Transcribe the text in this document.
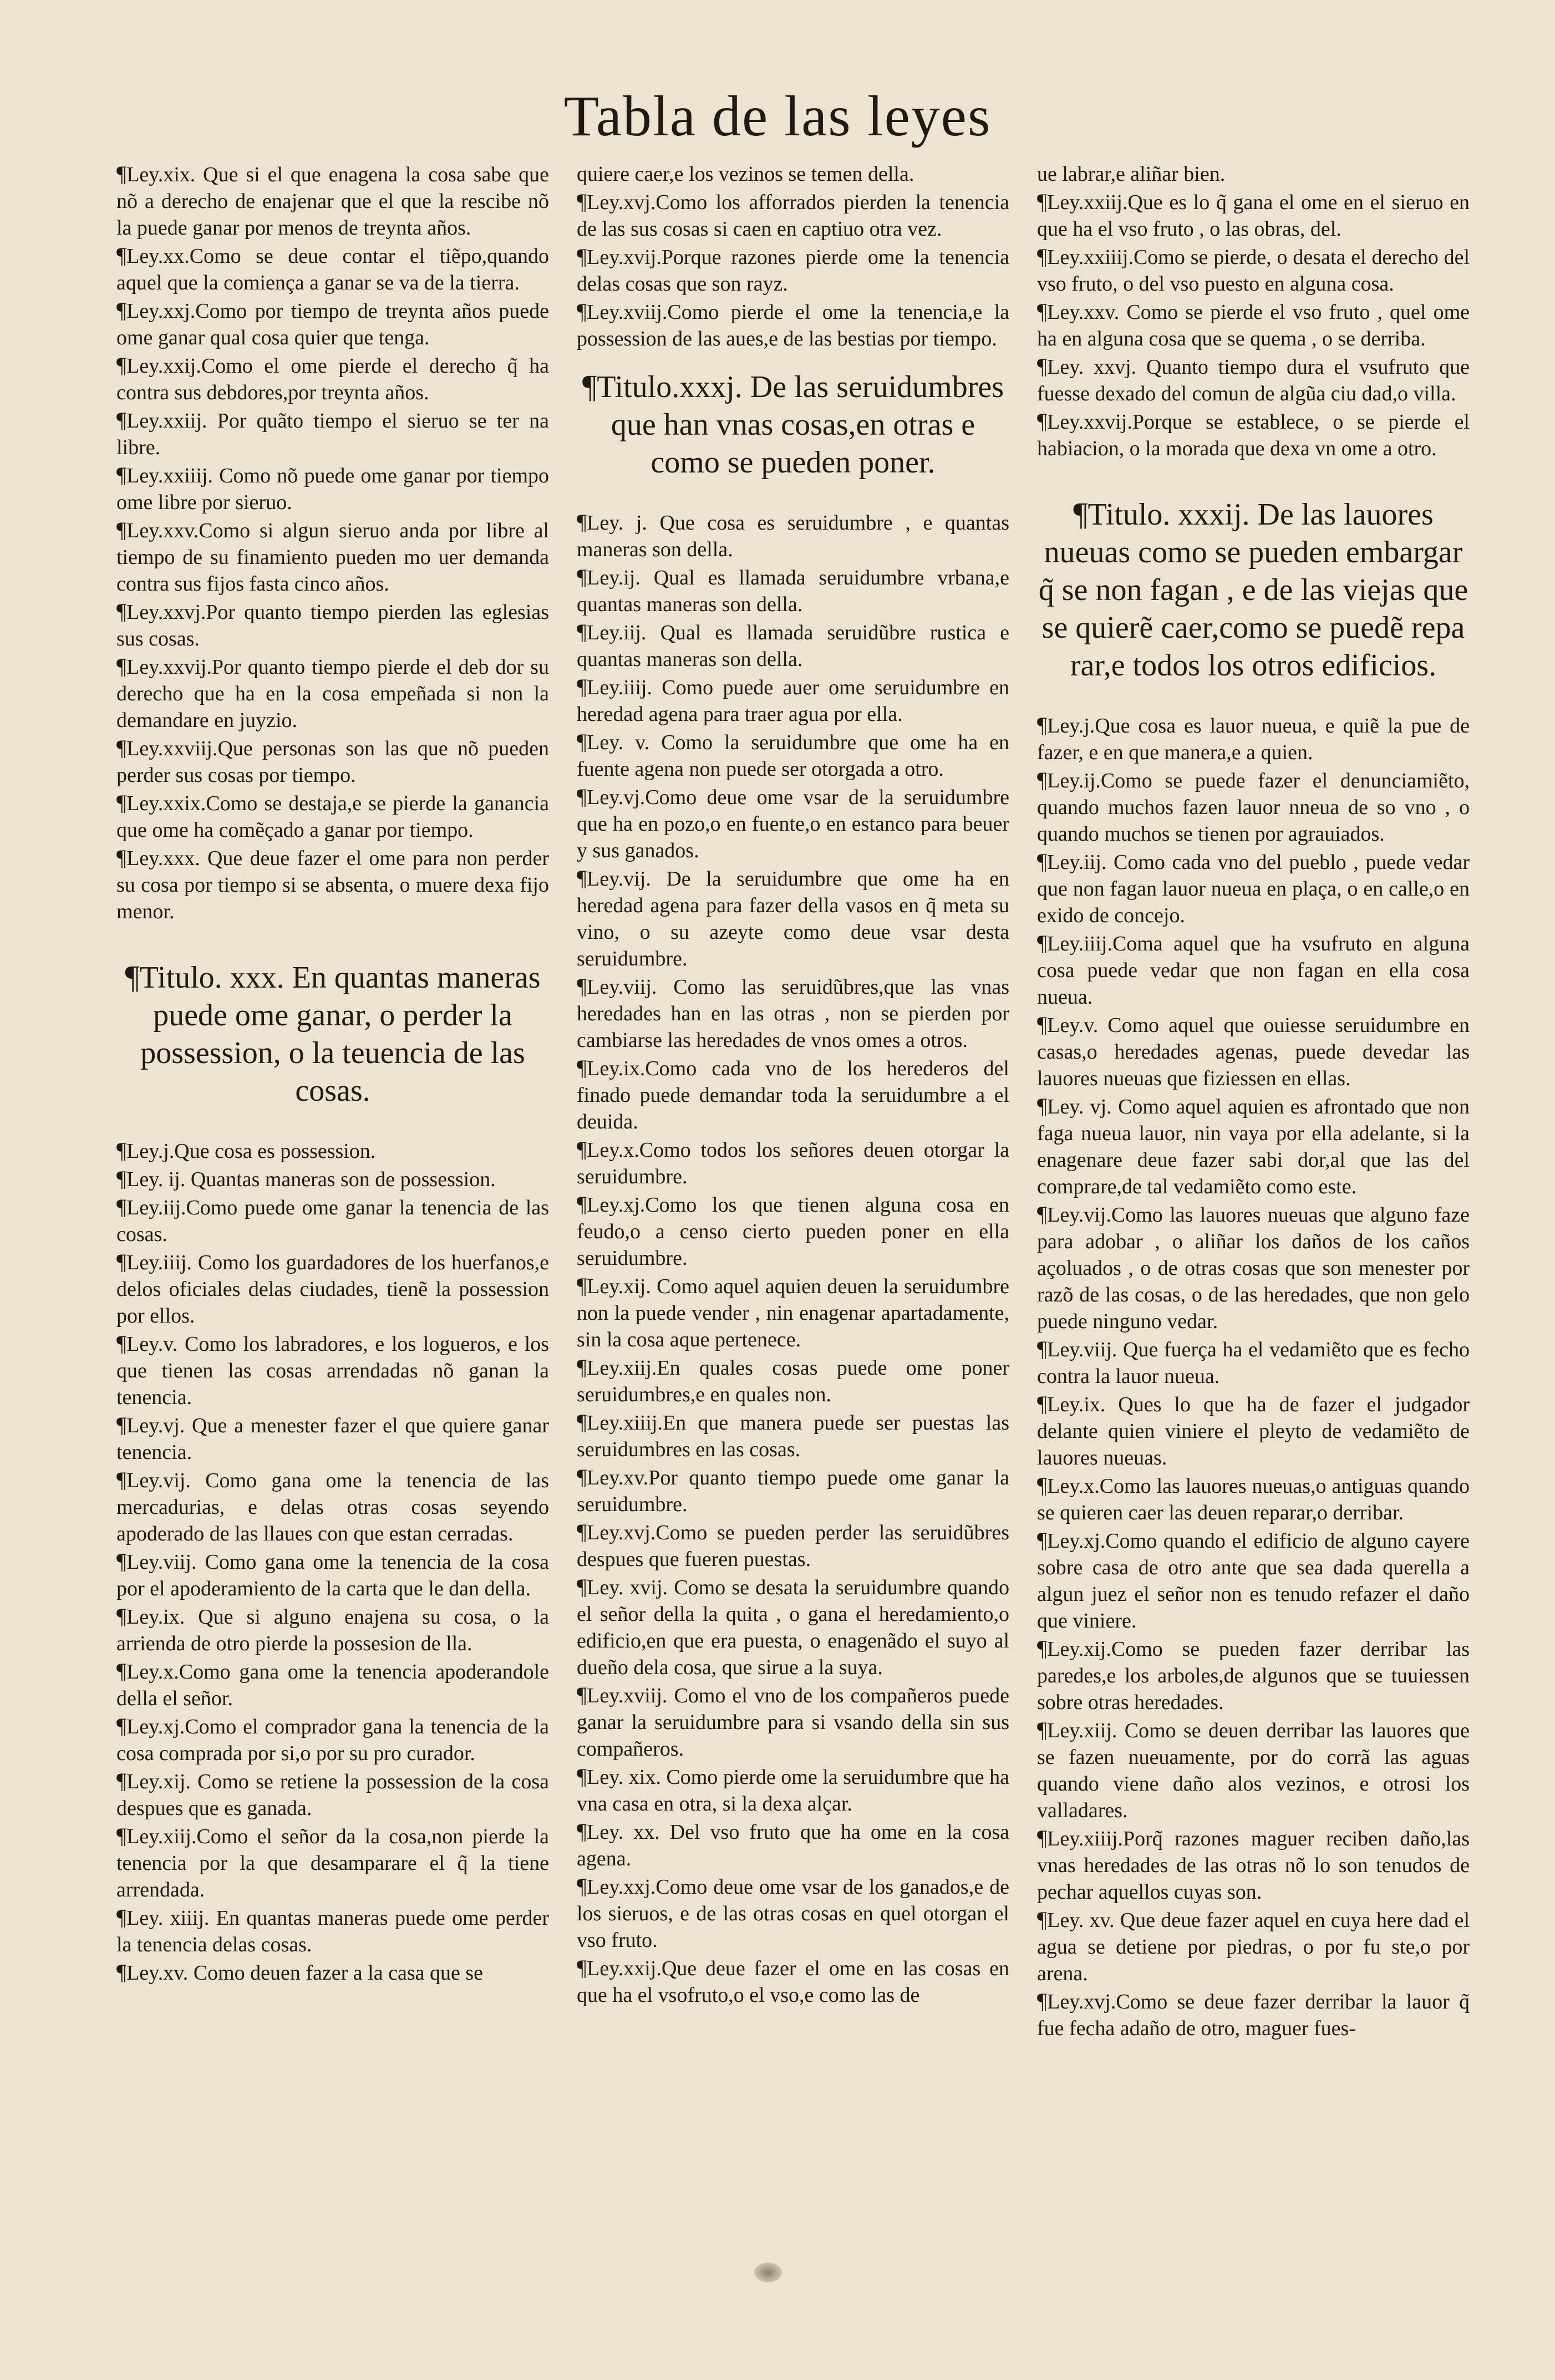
Tabla de las leyes
¶Ley.xix. Que si el que enagena la cosa sabe que nõ a derecho de enajenar que el que la rescibe nõ la puede ganar por menos de treynta años.
¶Ley.xx.Como se deue contar el tiẽpo,quando aquel que la comiença a ganar se va de la tierra.
¶Ley.xxj.Como por tiempo de treynta años puede ome ganar qual cosa quier que tenga.
¶Ley.xxij.Como el ome pierde el derecho q̃ ha contra sus debdores,por treynta años.
¶Ley.xxiij. Por quãto tiempo el sieruo se ter na libre.
¶Ley.xxiiij. Como nõ puede ome ganar por tiempo ome libre por sieruo.
¶Ley.xxv.Como si algun sieruo anda por libre al tiempo de su finamiento pueden mo uer demanda contra sus fijos fasta cinco años.
¶Ley.xxvj.Por quanto tiempo pierden las eglesias sus cosas.
¶Ley.xxvij.Por quanto tiempo pierde el deb dor su derecho que ha en la cosa empeñada si non la demandare en juyzio.
¶Ley.xxviij.Que personas son las que nõ pueden perder sus cosas por tiempo.
¶Ley.xxix.Como se destaja,e se pierde la ganancia que ome ha comẽçado a ganar por tiempo.
¶Ley.xxx. Que deue fazer el ome para non perder su cosa por tiempo si se absenta, o muere dexa fijo menor.
¶Titulo. xxx. En quantas maneras puede ome ganar, o perder la possession, o la teuencia de las cosas.
¶Ley.j.Que cosa es possession.
¶Ley. ij. Quantas maneras son de possession.
¶Ley.iij.Como puede ome ganar la tenencia de las cosas.
¶Ley.iiij. Como los guardadores de los huerfanos,e delos oficiales delas ciudades, tienẽ la possession por ellos.
¶Ley.v. Como los labradores, e los logueros, e los que tienen las cosas arrendadas nõ ganan la tenencia.
¶Ley.vj. Que a menester fazer el que quiere ganar tenencia.
¶Ley.vij. Como gana ome la tenencia de las mercadurias, e delas otras cosas seyendo apoderado de las llaues con que estan cerradas.
¶Ley.viij. Como gana ome la tenencia de la cosa por el apoderamiento de la carta que le dan della.
¶Ley.ix. Que si alguno enajena su cosa, o la arrienda de otro pierde la possesion de lla.
¶Ley.x.Como gana ome la tenencia apoderandole della el señor.
¶Ley.xj.Como el comprador gana la tenencia de la cosa comprada por si,o por su pro curador.
¶Ley.xij. Como se retiene la possession de la cosa despues que es ganada.
¶Ley.xiij.Como el señor da la cosa,non pierde la tenencia por la que desamparare el q̃ la tiene arrendada.
¶Ley. xiiij. En quantas maneras puede ome perder la tenencia delas cosas.
¶Ley.xv. Como deuen fazer a la casa que se
quiere caer,e los vezinos se temen della.
¶Ley.xvj.Como los afforrados pierden la tenencia de las sus cosas si caen en captiuo otra vez.
¶Ley.xvij.Porque razones pierde ome la tenencia delas cosas que son rayz.
¶Ley.xviij.Como pierde el ome la tenencia,e la possession de las aues,e de las bestias por tiempo.
¶Titulo.xxxj. De las seruidumbres que han vnas cosas,en otras e como se pueden poner.
¶Ley. j. Que cosa es seruidumbre , e quantas maneras son della.
¶Ley.ij. Qual es llamada seruidumbre vrbana,e quantas maneras son della.
¶Ley.iij. Qual es llamada seruidũbre rustica e quantas maneras son della.
¶Ley.iiij. Como puede auer ome seruidumbre en heredad agena para traer agua por ella.
¶Ley. v. Como la seruidumbre que ome ha en fuente agena non puede ser otorgada a otro.
¶Ley.vj.Como deue ome vsar de la seruidumbre que ha en pozo,o en fuente,o en estanco para beuer y sus ganados.
¶Ley.vij. De la seruidumbre que ome ha en heredad agena para fazer della vasos en q̃ meta su vino, o su azeyte como deue vsar desta seruidumbre.
¶Ley.viij. Como las seruidũbres,que las vnas heredades han en las otras , non se pierden por cambiarse las heredades de vnos omes a otros.
¶Ley.ix.Como cada vno de los herederos del finado puede demandar toda la seruidumbre a el deuida.
¶Ley.x.Como todos los señores deuen otorgar la seruidumbre.
¶Ley.xj.Como los que tienen alguna cosa en feudo,o a censo cierto pueden poner en ella seruidumbre.
¶Ley.xij. Como aquel aquien deuen la seruidumbre non la puede vender , nin enagenar apartadamente, sin la cosa aque pertenece.
¶Ley.xiij.En quales cosas puede ome poner seruidumbres,e en quales non.
¶Ley.xiiij.En que manera puede ser puestas las seruidumbres en las cosas.
¶Ley.xv.Por quanto tiempo puede ome ganar la seruidumbre.
¶Ley.xvj.Como se pueden perder las seruidũbres despues que fueren puestas.
¶Ley. xvij. Como se desata la seruidumbre quando el señor della la quita , o gana el heredamiento,o edificio,en que era puesta, o enagenãdo el suyo al dueño dela cosa, que sirue a la suya.
¶Ley.xviij. Como el vno de los compañeros puede ganar la seruidumbre para si vsando della sin sus compañeros.
¶Ley. xix. Como pierde ome la seruidumbre que ha vna casa en otra, si la dexa alçar.
¶Ley. xx. Del vso fruto que ha ome en la cosa agena.
¶Ley.xxj.Como deue ome vsar de los ganados,e de los sieruos, e de las otras cosas en quel otorgan el vso fruto.
¶Ley.xxij.Que deue fazer el ome en las cosas en que ha el vsofruto,o el vso,e como las de
ue labrar,e aliñar bien.
¶Ley.xxiij.Que es lo q̃ gana el ome en el sieruo en que ha el vso fruto , o las obras, del.
¶Ley.xxiiij.Como se pierde, o desata el derecho del vso fruto, o del vso puesto en alguna cosa.
¶Ley.xxv. Como se pierde el vso fruto , quel ome ha en alguna cosa que se quema , o se derriba.
¶Ley. xxvj. Quanto tiempo dura el vsufruto que fuesse dexado del comun de algũa ciu dad,o villa.
¶Ley.xxvij.Porque se establece, o se pierde el habiacion, o la morada que dexa vn ome a otro.
¶Titulo. xxxij. De las lauores nueuas como se pueden embargar q̃ se non fagan , e de las viejas que se quierẽ caer,como se puedẽ repa rar,e todos los otros edificios.
¶Ley.j.Que cosa es lauor nueua, e quiẽ la pue de fazer, e en que manera,e a quien.
¶Ley.ij.Como se puede fazer el denunciamiẽto, quando muchos fazen lauor nneua de so vno , o quando muchos se tienen por agrauiados.
¶Ley.iij. Como cada vno del pueblo , puede vedar que non fagan lauor nueua en plaça, o en calle,o en exido de concejo.
¶Ley.iiij.Coma aquel que ha vsufruto en alguna cosa puede vedar que non fagan en ella cosa nueua.
¶Ley.v. Como aquel que ouiesse seruidumbre en casas,o heredades agenas, puede devedar las lauores nueuas que fiziessen en ellas.
¶Ley. vj. Como aquel aquien es afrontado que non faga nueua lauor, nin vaya por ella adelante, si la enagenare deue fazer sabi dor,al que las del comprare,de tal vedamiẽto como este.
¶Ley.vij.Como las lauores nueuas que alguno faze para adobar , o aliñar los daños de los caños açoluados , o de otras cosas que son menester por razõ de las cosas, o de las heredades, que non gelo puede ninguno vedar.
¶Ley.viij. Que fuerça ha el vedamiẽto que es fecho contra la lauor nueua.
¶Ley.ix. Ques lo que ha de fazer el judgador delante quien viniere el pleyto de vedamiẽto de lauores nueuas.
¶Ley.x.Como las lauores nueuas,o antiguas quando se quieren caer las deuen reparar,o derribar.
¶Ley.xj.Como quando el edificio de alguno cayere sobre casa de otro ante que sea dada querella a algun juez el señor non es tenudo refazer el daño que viniere.
¶Ley.xij.Como se pueden fazer derribar las paredes,e los arboles,de algunos que se tuuiessen sobre otras heredades.
¶Ley.xiij. Como se deuen derribar las lauores que se fazen nueuamente, por do corrã las aguas quando viene daño alos vezinos, e otrosi los valladares.
¶Ley.xiiij.Porq̃ razones maguer reciben daño,las vnas heredades de las otras nõ lo son tenudos de pechar aquellos cuyas son.
¶Ley. xv. Que deue fazer aquel en cuya here dad el agua se detiene por piedras, o por fu ste,o por arena.
¶Ley.xvj.Como se deue fazer derribar la lauor q̃ fue fecha adaño de otro, maguer fues-
